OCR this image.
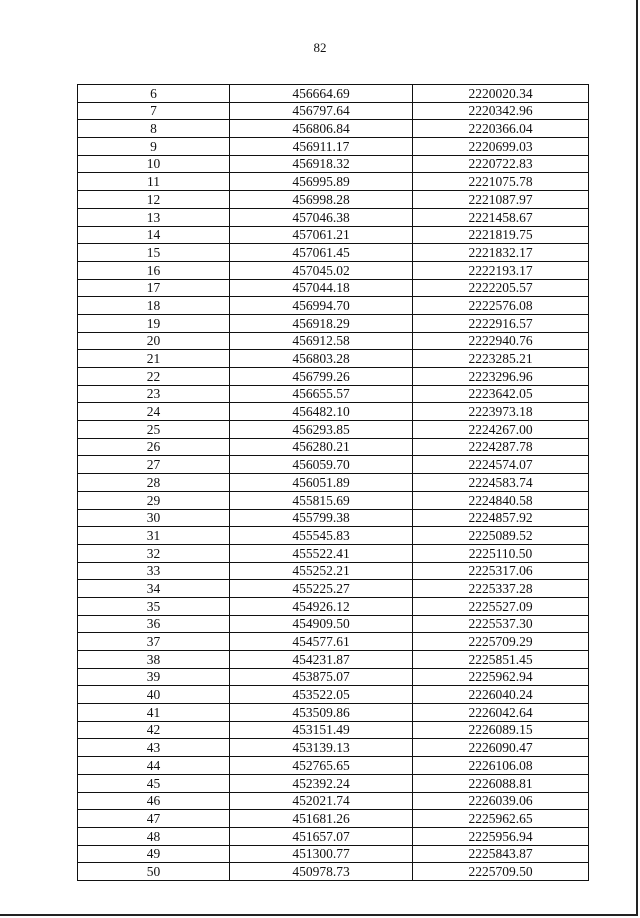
82
6	456664.69	2220020.34
7	456797.64	2220342.96
8	456806.84	2220366.04
9	456911.17	2220699.03
10	456918.32	2220722.83
11	456995.89	2221075.78
12	456998.28	2221087.97
13	457046.38	2221458.67
14	457061.21	2221819.75
15	457061.45	2221832.17
16	457045.02	2222193.17
17	457044.18	2222205.57
18	456994.70	2222576.08
19	456918.29	2222916.57
20	456912.58	2222940.76
21	456803.28	2223285.21
22	456799.26	2223296.96
23	456655.57	2223642.05
24	456482.10	2223973.18
25	456293.85	2224267.00
26	456280.21	2224287.78
27	456059.70	2224574.07
28	456051.89	2224583.74
29	455815.69	2224840.58
30	455799.38	2224857.92
31	455545.83	2225089.52
32	455522.41	2225110.50
33	455252.21	2225317.06
34	455225.27	2225337.28
35	454926.12	2225527.09
36	454909.50	2225537.30
37	454577.61	2225709.29
38	454231.87	2225851.45
39	453875.07	2225962.94
40	453522.05	2226040.24
41	453509.86	2226042.64
42	453151.49	2226089.15
43	453139.13	2226090.47
44	452765.65	2226106.08
45	452392.24	2226088.81
46	452021.74	2226039.06
47	451681.26	2225962.65
48	451657.07	2225956.94
49	451300.77	2225843.87
50	450978.73	2225709.50
